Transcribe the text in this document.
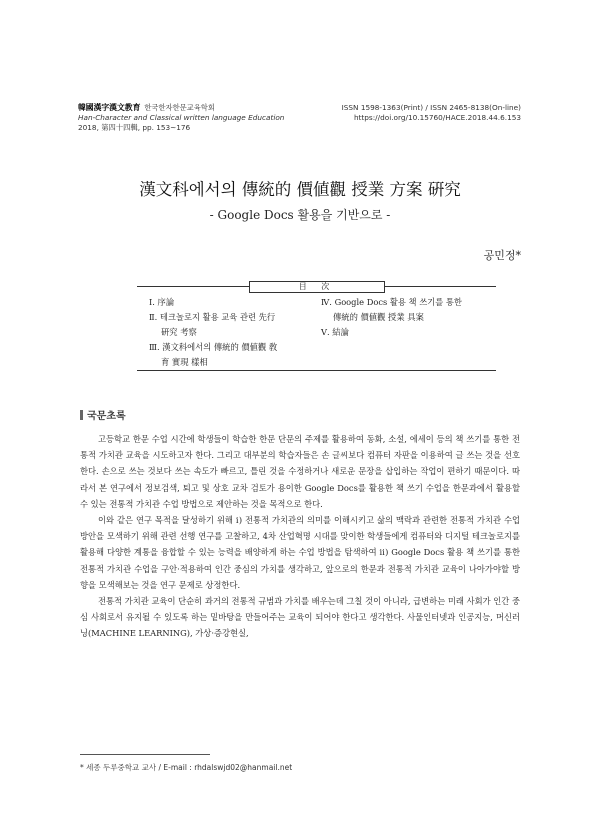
韓國漢字漢文教育 한국한자한문교육학회
Han-Character and Classical written language Education
2018, 第四十四輯, pp. 153~176
ISSN 1598-1363(Print) / ISSN 2465-8138(On-line)
https://doi.org/10.15760/HACE.2018.44.6.153
漢文科에서의 傳統的 價値觀 授業 方案 硏究
- Google Docs 활용을 기반으로 -
공민정*
目 次
Ⅰ. 序論
Ⅱ. 테크놀로지 활용 교육 관련 先行
硏究 考察
Ⅲ. 漢文科에서의 傳統的 價値觀 敎
育 實現 樣相
Ⅳ. Google Docs 활용 책 쓰기를 통한
傳統的 價値觀 授業 具案
Ⅴ. 結論
국문초록

고등학교 한문 수업 시간에 학생들이 학습한 한문 단문의 주제를 활용하여 동화, 소설, 에세이 등의 책 쓰기를 통한 전통적 가치관 교육을 시도하고자 한다. 그리고 대부분의 학습자들은 손 글씨보다 컴퓨터 자판을 이용하여 글 쓰는 것을 선호한다. 손으로 쓰는 것보다 쓰는 속도가 빠르고, 틀린 것을 수정하거나 새로운 문장을 삽입하는 작업이 편하기 때문이다. 따라서 본 연구에서 정보검색, 퇴고 및 상호 교차 검토가 용이한 Google Docs를 활용한 책 쓰기 수업을 한문과에서 활용할 수 있는 전통적 가치관 수업 방법으로 제안하는 것을 목적으로 한다.

이와 같은 연구 목적을 달성하기 위해 ⅰ) 전통적 가치관의 의미를 이해시키고 삶의 맥락과 관련한 전통적 가치관 수업 방안을 모색하기 위해 관련 선행 연구를 고찰하고, 4차 산업혁명 시대를 맞이한 학생들에게 컴퓨터와 디지털 테크놀로지를 활용해 다양한 계통을 융합할 수 있는 능력을 배양하게 하는 수업 방법을 탐색하여 ⅱ) Google Docs 활용 책 쓰기를 통한 전통적 가치관 수업을 구안·적용하여 인간 중심의 가치를 생각하고, 앞으로의 한문과 전통적 가치관 교육이 나아가야할 방향을 모색해보는 것을 연구 문제로 상정한다.

전통적 가치관 교육이 단순히 과거의 전통적 규범과 가치를 배우는데 그칠 것이 아니라, 급변하는 미래 사회가 인간 중심 사회로서 유지될 수 있도록 하는 밑바탕을 만들어주는 교육이 되어야 한다고 생각한다. 사물인터넷과 인공지능, 머신러닝(MACHINE LEARNING), 가상·증강현실,

* 세종 두루중학교 교사 / E-mail : rhdalswjd02@hanmail.net
